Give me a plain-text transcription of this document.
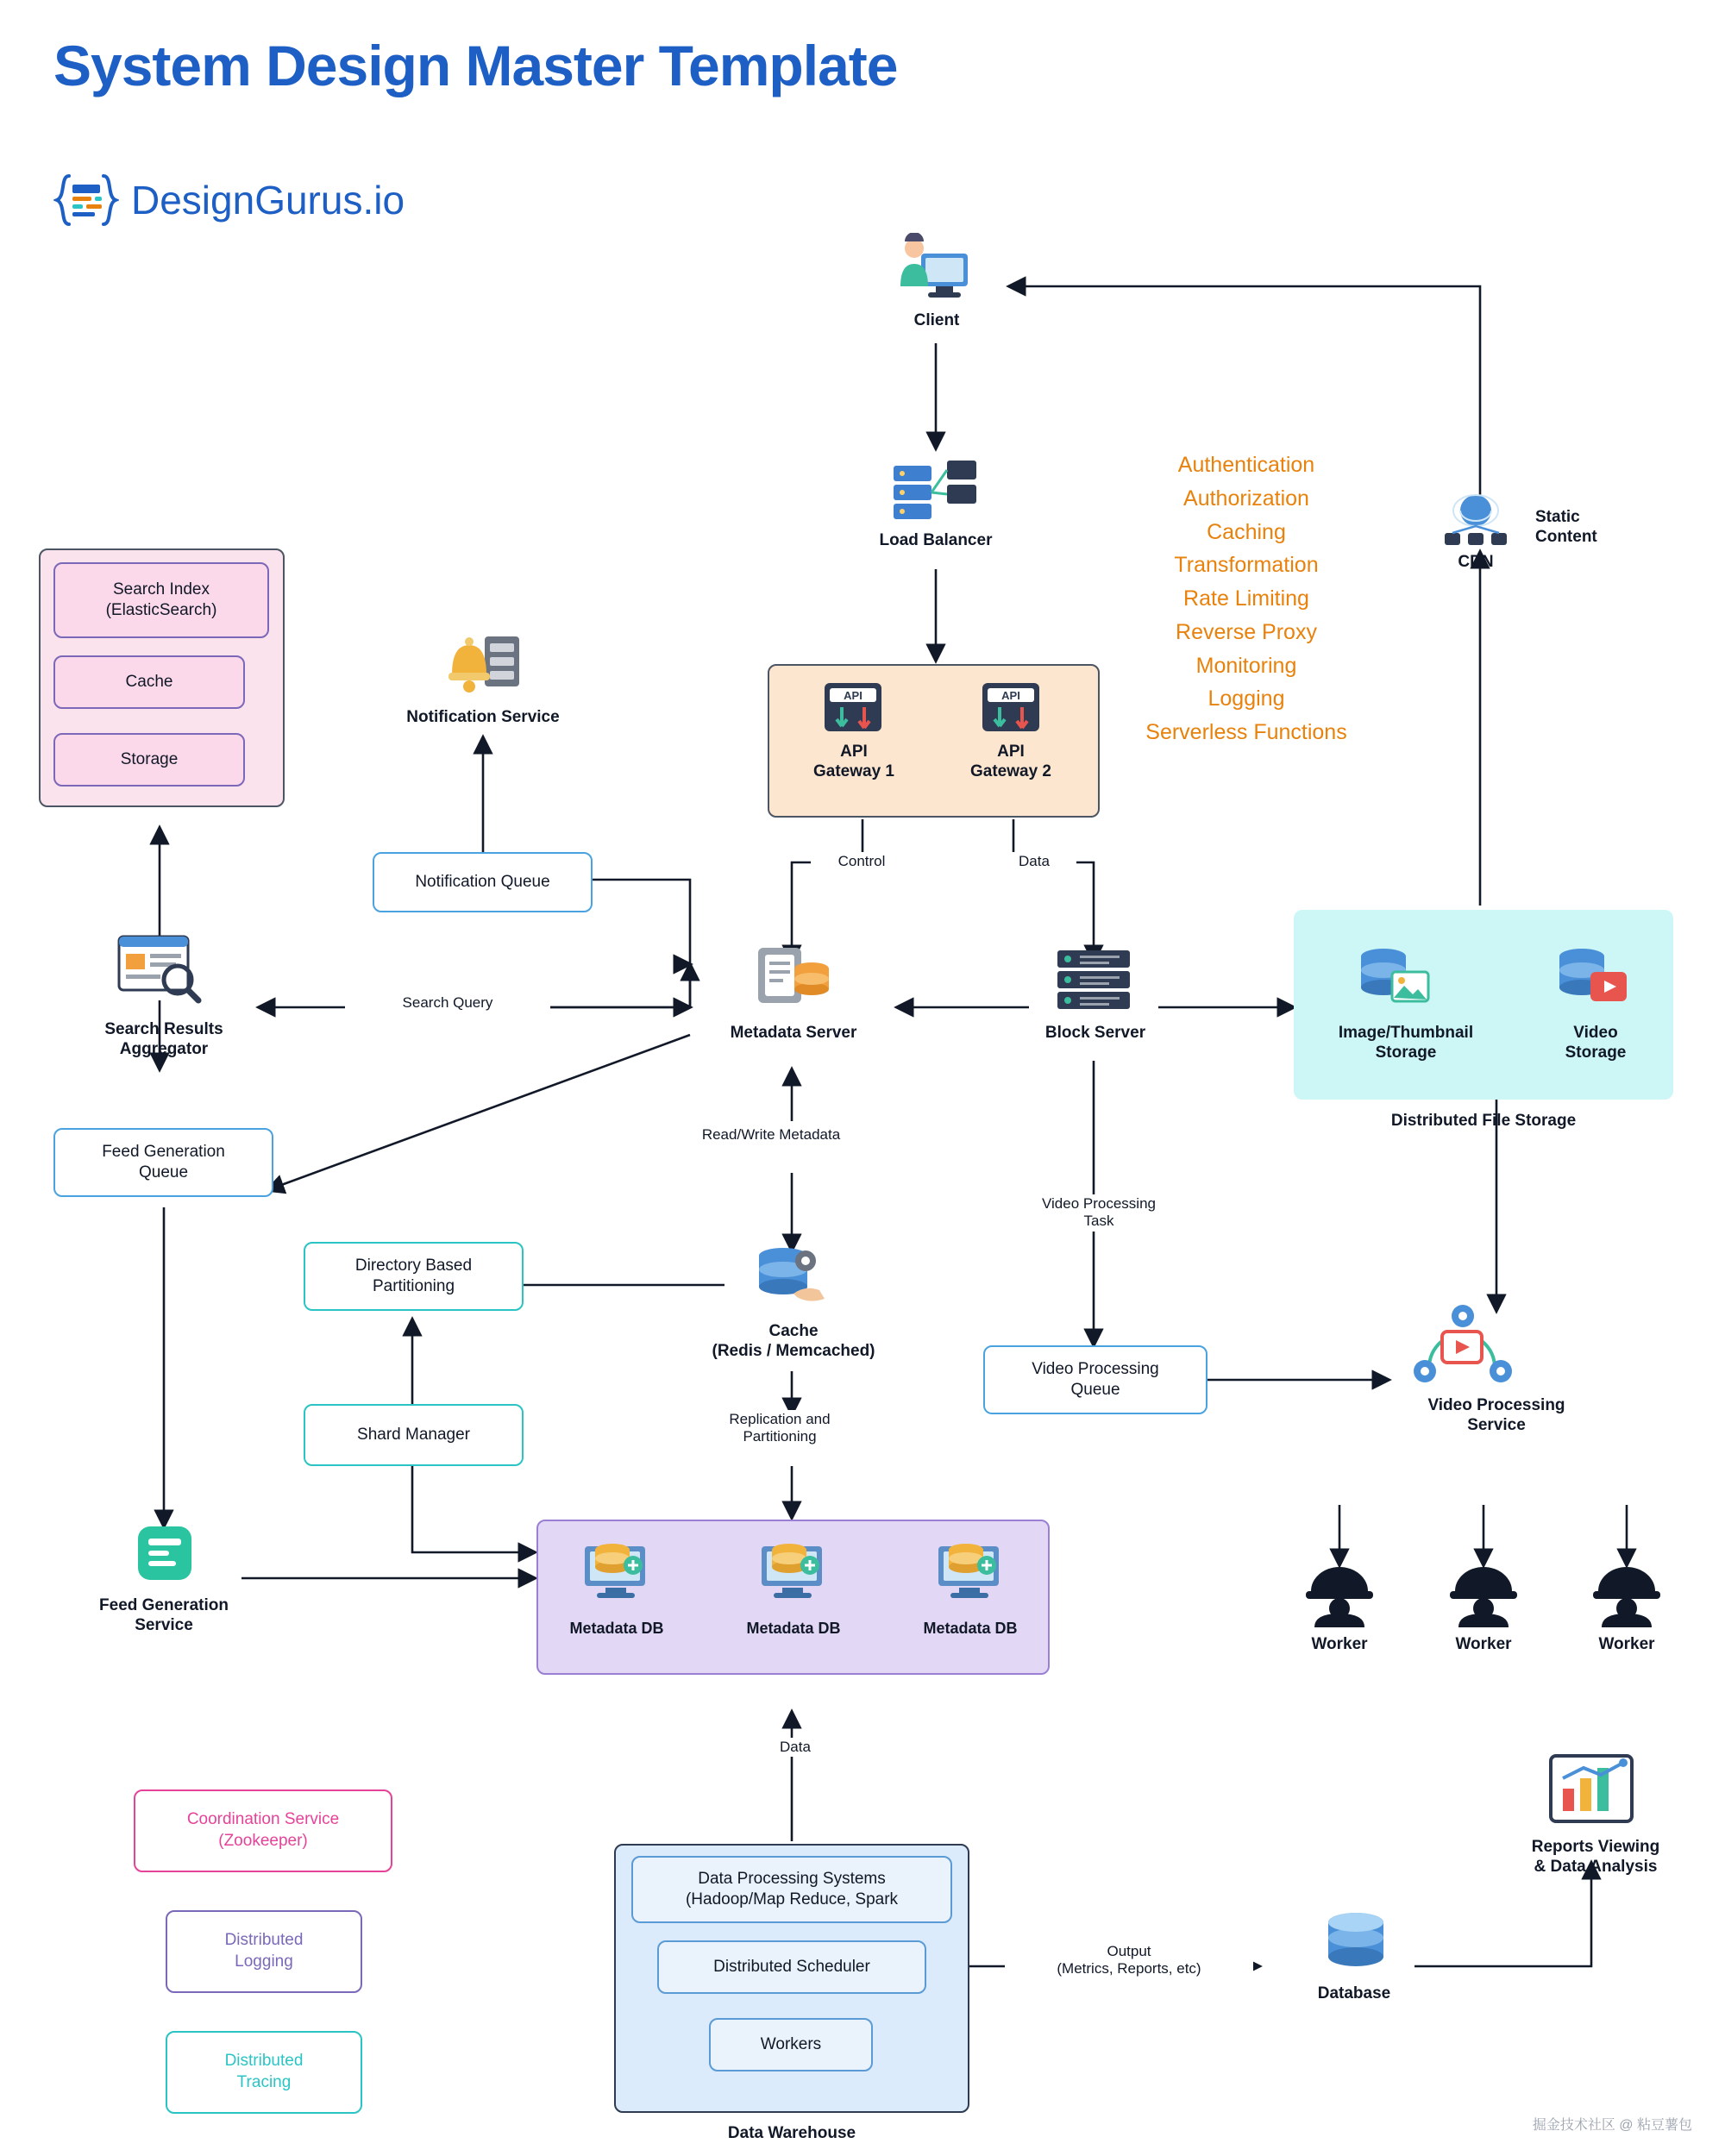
System Design Master Template
DesignGurus.io
Client
Load Balancer
API
API
Gateway 1
API
API
Gateway 2
Authentication
Authorization
Caching
Transformation
Rate Limiting
Reverse Proxy
Monitoring
Logging
Serverless Functions
CDN
Static
Content
Search Index
(ElasticSearch)
Cache
Storage
Search Results
Aggregator
Notification Service
Notification Queue
Metadata Server	Block Server	Image/Thumbnail
Storage
Video
Storage
Distributed File Storage
Feed Generation
Queue
Feed Generation
Service
Directory Based
Partitioning
Shard Manager
Cache
(Redis / Memcached)
Metadata DB	Metadata DB	Metadata DB
Video Processing
Queue
Video Processing
Service
Worker	Worker	Worker
Data Processing Systems
(Hadoop/Map Reduce, Spark
Distributed Scheduler
Workers
Data Warehouse
Database
Reports Viewing
& Data Analysis
Coordination Service
(Zookeeper)
Distributed
Logging
Distributed
Tracing
Control	Data
Search Query
Read/Write Metadata
Video Processing
Task
Replication and
Partitioning
Data
Output
(Metrics, Reports, etc)
掘金技术社区 @ 粘豆薯包
